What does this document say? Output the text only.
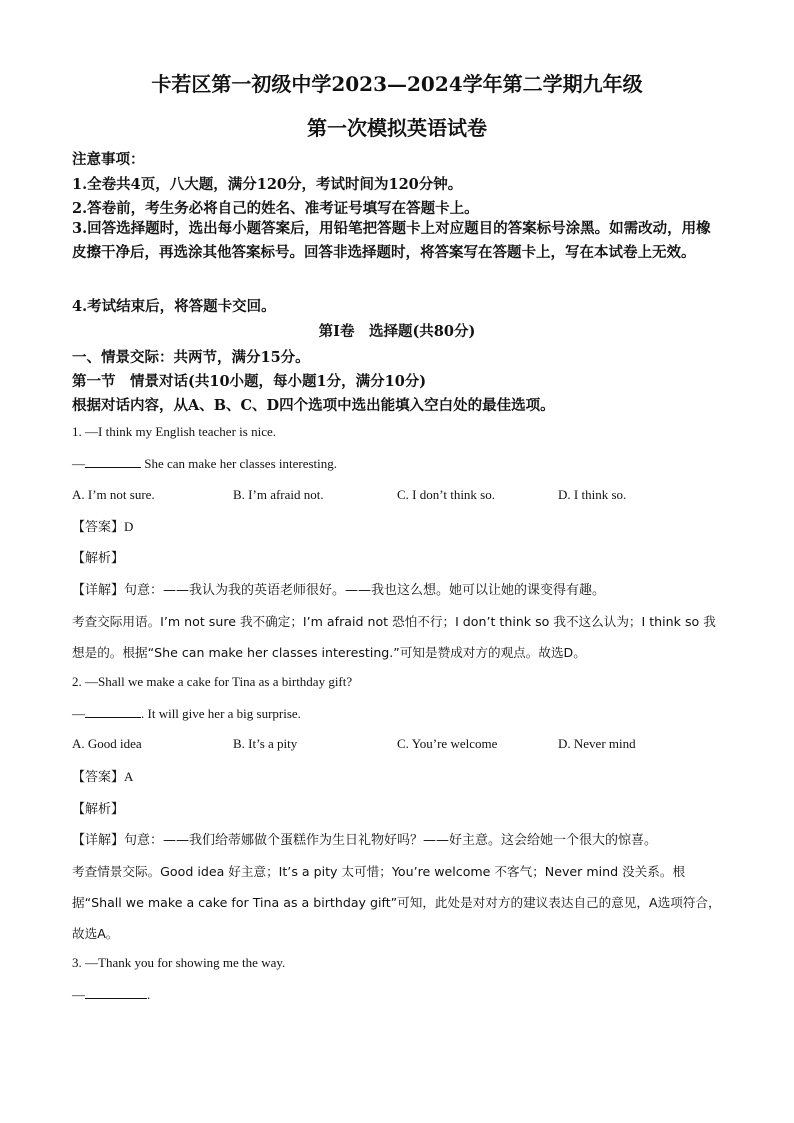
卡若区第一初级中学2023—2024学年第二学期九年级
第一次模拟英语试卷
注意事项：
1.全卷共4页，八大题，满分120分，考试时间为120分钟。
2.答卷前，考生务必将自己的姓名、准考证号填写在答题卡上。
3.回答选择题时，选出每小题答案后，用铅笔把答题卡上对应题目的答案标号涂黑。如需改动，用橡皮擦干净后，再选涂其他答案标号。回答非选择题时，将答案写在答题卡上，写在本试卷上无效。
4.考试结束后，将答题卡交回。
第Ⅰ卷　选择题(共80分)
一、情景交际：共两节，满分15分。
第一节　情景对话(共10小题，每小题1分，满分10分)
根据对话内容，从A、B、C、D四个选项中选出能填入空白处的最佳选项。
1. —I think my English teacher is nice.
—	She can make her classes interesting.
A. I’m not sure.	B. I’m afraid not.	C. I don’t think so.	D. I think so.
【答案】D
【解析】
【详解】句意：——我认为我的英语老师很好。——我也这么想。她可以让她的课变得有趣。
考查交际用语。I’m not sure 我不确定；I’m afraid not 恐怕不行；I don’t think so 我不这么认为；I think so 我想是的。根据“She can make her classes interesting.”可知是赞成对方的观点。故选D。
2. —Shall we make a cake for Tina as a birthday gift?
—	. It will give her a big surprise.
A. Good idea	B. It’s a pity	C. You’re welcome	D. Never mind
【答案】A
【解析】
【详解】句意：——我们给蒂娜做个蛋糕作为生日礼物好吗？——好主意。这会给她一个很大的惊喜。
考查情景交际。Good idea 好主意；It’s a pity 太可惜；You’re welcome 不客气；Never mind 没关系。根据“Shall we make a cake for Tina as a birthday gift”可知，此处是对对方的建议表达自己的意见，A选项符合，故选A。
3. —Thank you for showing me the way.
—	.
